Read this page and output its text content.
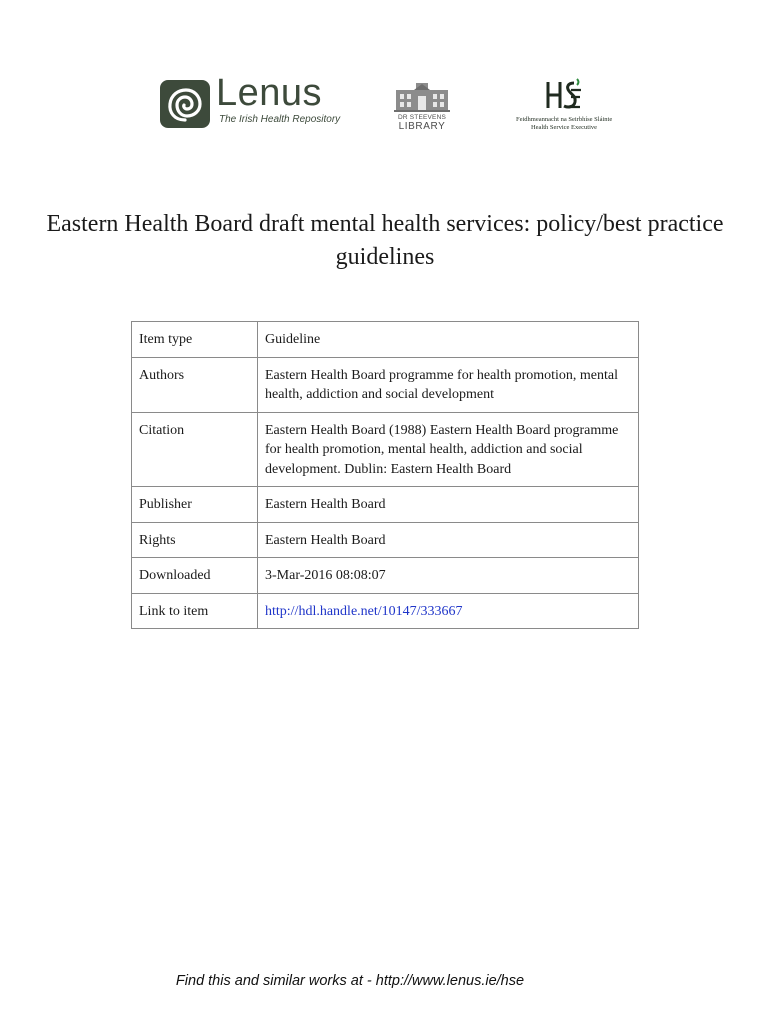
Lenus
The Irish Health Repository	DR STEEVENS
LIBRARY
Feidhmeannacht na Seirbhíse Sláinte
Health Service Executive
Eastern Health Board draft mental health services: policy/best practice guidelines
Item type	Guideline
Authors	Eastern Health Board programme for health promotion, mental health, addiction and social development
Citation	Eastern Health Board (1988) Eastern Health Board programme for health promotion, mental health, addiction and social development. Dublin: Eastern Health Board
Publisher	Eastern Health Board
Rights	Eastern Health Board
Downloaded	3-Mar-2016 08:08:07
Link to item	http://hdl.handle.net/10147/333667
Find this and similar works at - http://www.lenus.ie/hse
